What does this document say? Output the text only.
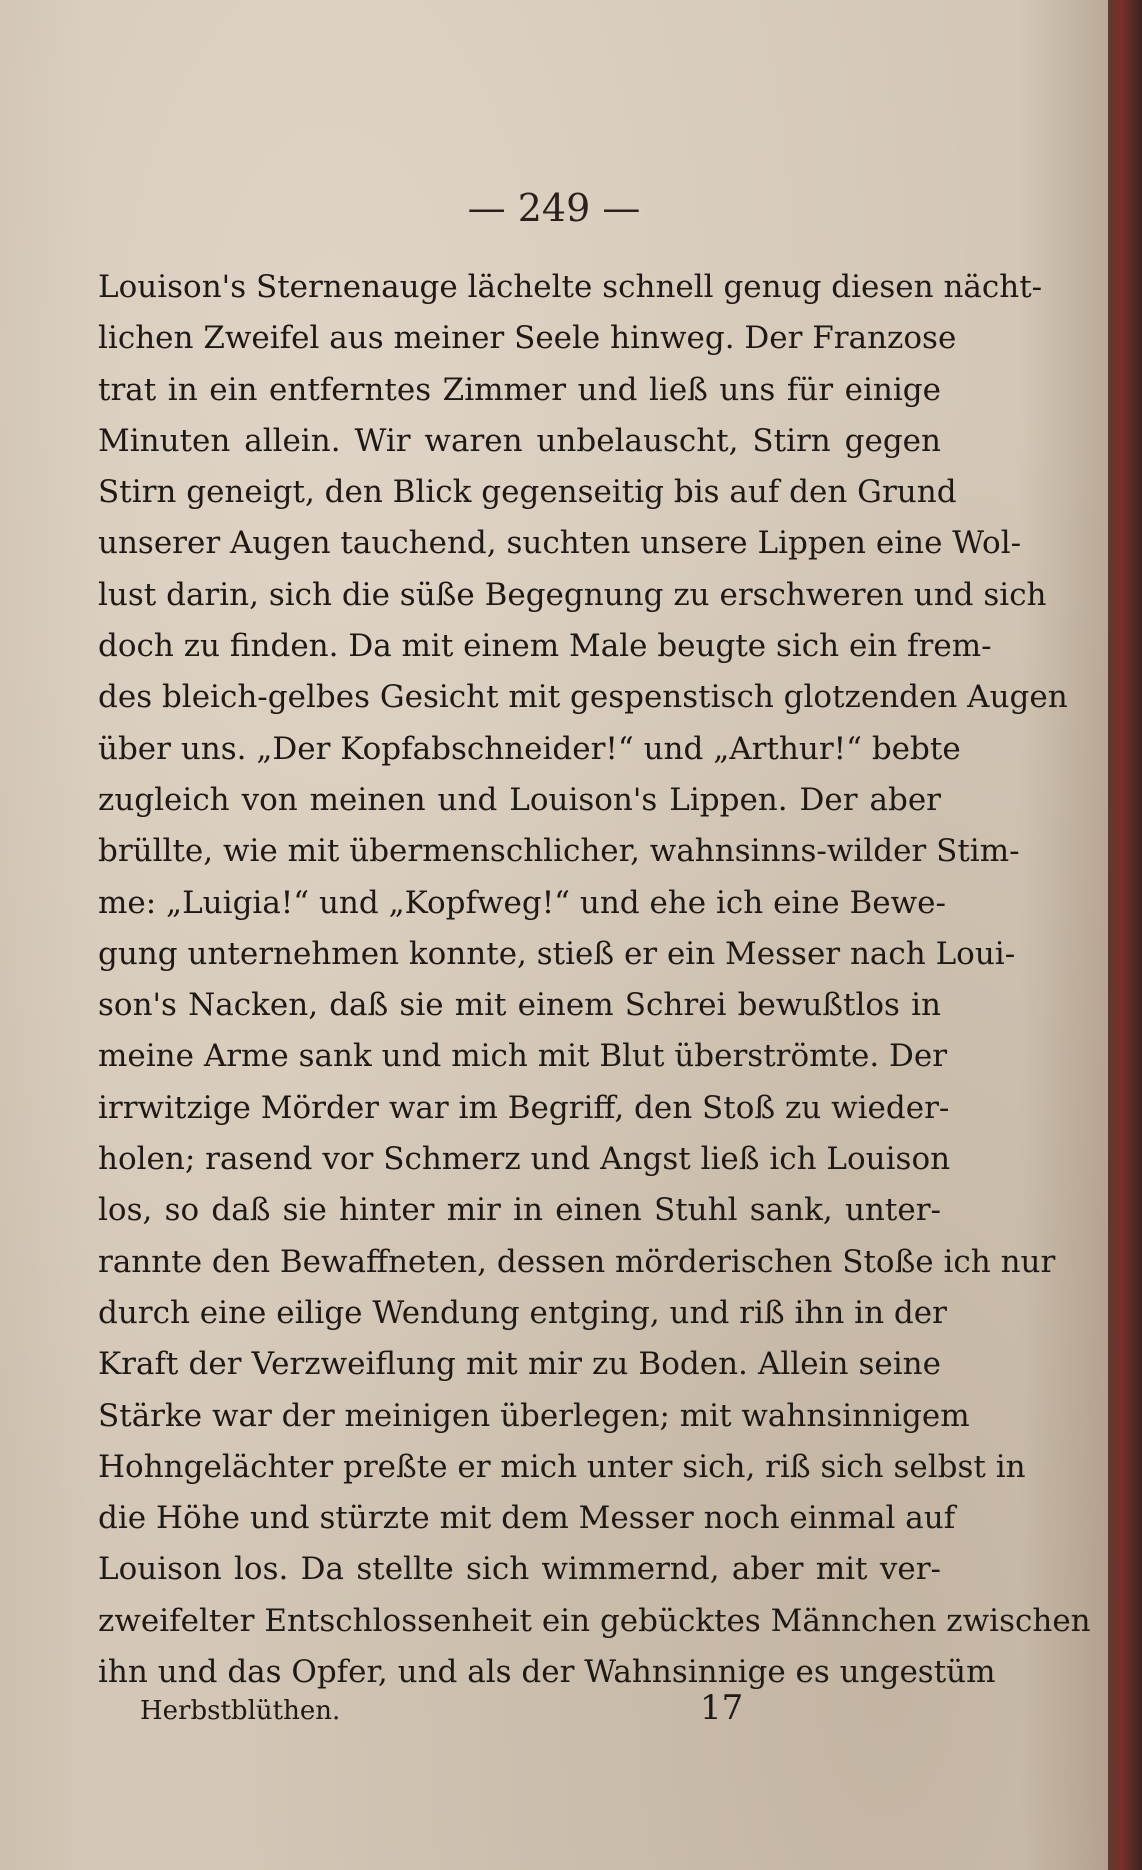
— 249 —
Louison's Sternenauge lächelte schnell genug diesen nächt-
lichen Zweifel aus meiner Seele hinweg. Der Franzose
trat in ein entferntes Zimmer und ließ uns für einige
Minuten allein. Wir waren unbelauscht, Stirn gegen
Stirn geneigt, den Blick gegenseitig bis auf den Grund
unserer Augen tauchend, suchten unsere Lippen eine Wol-
lust darin, sich die süße Begegnung zu erschweren und sich
doch zu finden. Da mit einem Male beugte sich ein frem-
des bleich-gelbes Gesicht mit gespenstisch glotzenden Augen
über uns. „Der Kopfabschneider!“ und „Arthur!“ bebte
zugleich von meinen und Louison's Lippen. Der aber
brüllte, wie mit übermenschlicher, wahnsinns-wilder Stim-
me: „Luigia!“ und „Kopfweg!“ und ehe ich eine Bewe-
gung unternehmen konnte, stieß er ein Messer nach Loui-
son's Nacken, daß sie mit einem Schrei bewußtlos in
meine Arme sank und mich mit Blut überströmte. Der
irrwitzige Mörder war im Begriff, den Stoß zu wieder-
holen; rasend vor Schmerz und Angst ließ ich Louison
los, so daß sie hinter mir in einen Stuhl sank, unter-
rannte den Bewaffneten, dessen mörderischen Stoße ich nur
durch eine eilige Wendung entging, und riß ihn in der
Kraft der Verzweiflung mit mir zu Boden. Allein seine
Stärke war der meinigen überlegen; mit wahnsinnigem
Hohngelächter preßte er mich unter sich, riß sich selbst in
die Höhe und stürzte mit dem Messer noch einmal auf
Louison los. Da stellte sich wimmernd, aber mit ver-
zweifelter Entschlossenheit ein gebücktes Männchen zwischen
ihn und das Opfer, und als der Wahnsinnige es ungestüm
Herbstblüthen.	17
